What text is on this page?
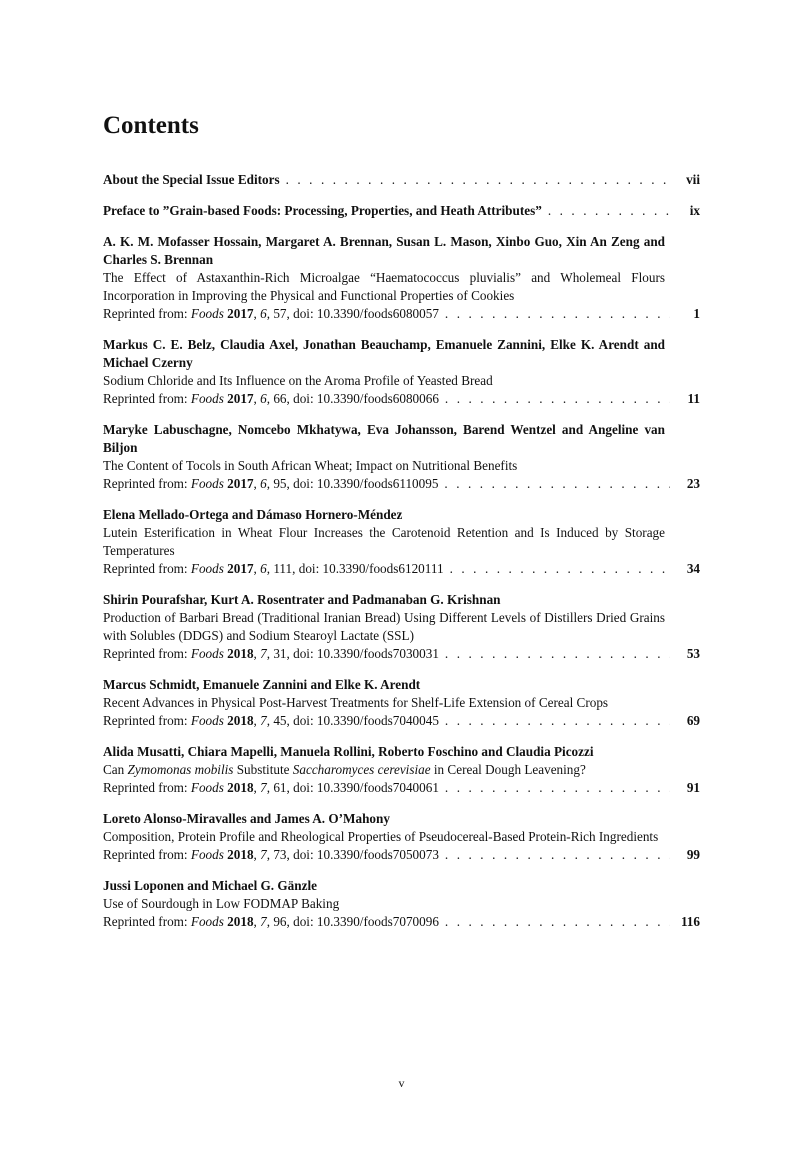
Contents
About the Special Issue Editors . . .	vii
Preface to ”Grain-based Foods: Processing, Properties, and Heath Attributes” . . .	ix
A. K. M. Mofasser Hossain, Margaret A. Brennan, Susan L. Mason, Xinbo Guo, Xin An Zeng and Charles S. Brennan
The Effect of Astaxanthin-Rich Microalgae “Haematococcus pluvialis” and Wholemeal Flours Incorporation in Improving the Physical and Functional Properties of Cookies
Reprinted from: Foods 2017, 6, 57, doi: 10.3390/foods6080057 . . .	1
Markus C. E. Belz, Claudia Axel, Jonathan Beauchamp, Emanuele Zannini, Elke K. Arendt and Michael Czerny
Sodium Chloride and Its Influence on the Aroma Profile of Yeasted Bread
Reprinted from: Foods 2017, 6, 66, doi: 10.3390/foods6080066 . . .	11
Maryke Labuschagne, Nomcebo Mkhatywa, Eva Johansson, Barend Wentzel and Angeline van Biljon
The Content of Tocols in South African Wheat; Impact on Nutritional Benefits
Reprinted from: Foods 2017, 6, 95, doi: 10.3390/foods6110095 . . .	23
Elena Mellado-Ortega and Dámaso Hornero-Méndez
Lutein Esterification in Wheat Flour Increases the Carotenoid Retention and Is Induced by Storage Temperatures
Reprinted from: Foods 2017, 6, 111, doi: 10.3390/foods6120111 . . .	34
Shirin Pourafshar, Kurt A. Rosentrater and Padmanaban G. Krishnan
Production of Barbari Bread (Traditional Iranian Bread) Using Different Levels of Distillers Dried Grains with Solubles (DDGS) and Sodium Stearoyl Lactate (SSL)
Reprinted from: Foods 2018, 7, 31, doi: 10.3390/foods7030031 . . .	53
Marcus Schmidt, Emanuele Zannini and Elke K. Arendt
Recent Advances in Physical Post-Harvest Treatments for Shelf-Life Extension of Cereal Crops
Reprinted from: Foods 2018, 7, 45, doi: 10.3390/foods7040045 . . .	69
Alida Musatti, Chiara Mapelli, Manuela Rollini, Roberto Foschino and Claudia Picozzi
Can Zymomonas mobilis Substitute Saccharomyces cerevisiae in Cereal Dough Leavening?
Reprinted from: Foods 2018, 7, 61, doi: 10.3390/foods7040061 . . .	91
Loreto Alonso-Miravalles and James A. O’Mahony
Composition, Protein Profile and Rheological Properties of Pseudocereal-Based Protein-Rich Ingredients
Reprinted from: Foods 2018, 7, 73, doi: 10.3390/foods7050073 . . .	99
Jussi Loponen and Michael G. Gänzle
Use of Sourdough in Low FODMAP Baking
Reprinted from: Foods 2018, 7, 96, doi: 10.3390/foods7070096 . . .	116
v
